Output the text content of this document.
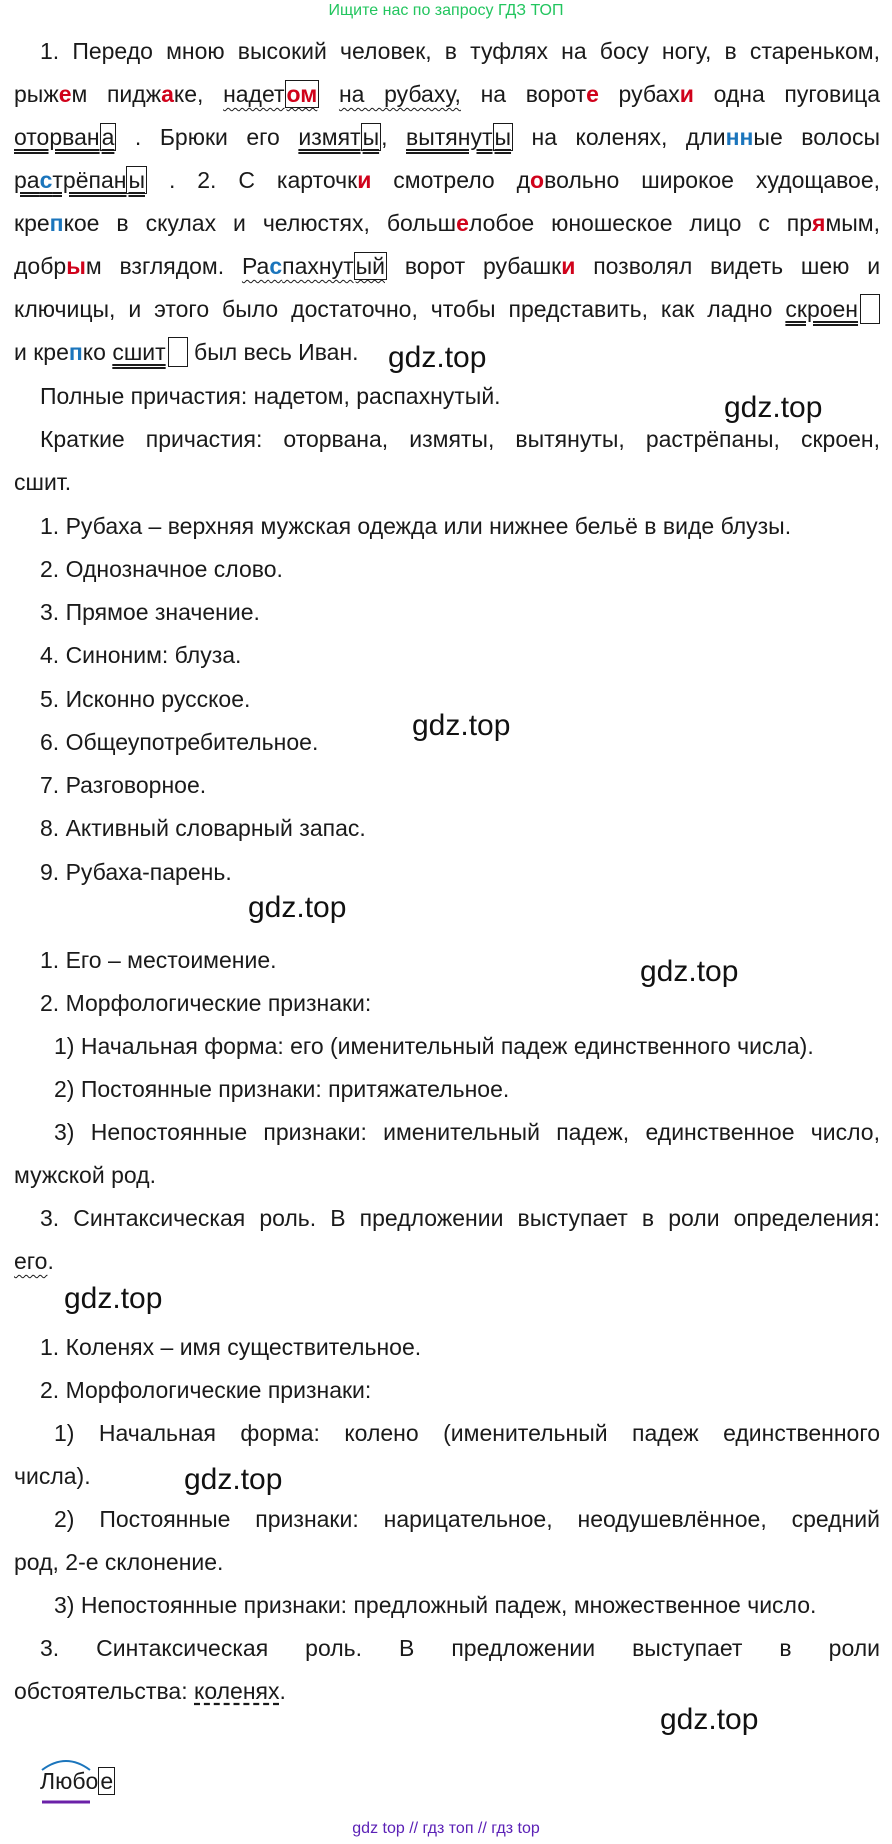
Ищите нас по запросу ГДЗ ТОП
1. Передо мною высокий человек, в туфлях на босу ногу, в стареньком,
рыжем пиджаке, надетом на рубаху, на вороте рубахи одна пуговица
оторвана . Брюки его измяты, вытянуты на коленях, длинные волосы
растрёпаны . 2. С карточки смотрело довольно широкое худощавое,
крепкое в скулах и челюстях, большелобое юношеское лицо с прямым,
добрым взглядом. Распахнутый ворот рубашки позволял видеть шею и
ключицы, и этого было достаточно, чтобы представить, как ладно скроен
и крепко сшит был весь Иван.
Полные причастия: надетом, распахнутый.
Краткие причастия: оторвана, измяты, вытянуты, растрёпаны, скроен,
сшит.
1. Рубаха – верхняя мужская одежда или нижнее бельё в виде блузы.
2. Однозначное слово.
3. Прямое значение.
4. Синоним: блуза.
5. Исконно русское.
6. Общеупотребительное.
7. Разговорное.
8. Активный словарный запас.
9. Рубаха-парень.
1. Его – местоимение.
2. Морфологические признаки:
1) Начальная форма: его (именительный падеж единственного числа).
2) Постоянные признаки: притяжательное.
3) Непостоянные признаки: именительный падеж, единственное число,
мужской род.
3. Синтаксическая роль. В предложении выступает в роли определения:
его.
1. Коленях – имя существительное.
2. Морфологические признаки:
1) Начальная форма: колено (именительный падеж единственного
числа).
2) Постоянные признаки: нарицательное, неодушевлённое, средний
род, 2-е склонение.
3) Непостоянные признаки: предложный падеж, множественное число.
3. Синтаксическая роль. В предложении выступает в роли
обстоятельства: коленях.
Любое
gdz.top
gdz.top
gdz.top
gdz.top
gdz.top
gdz.top
gdz.top
gdz.top
gdz top // гдз топ // гдз top
